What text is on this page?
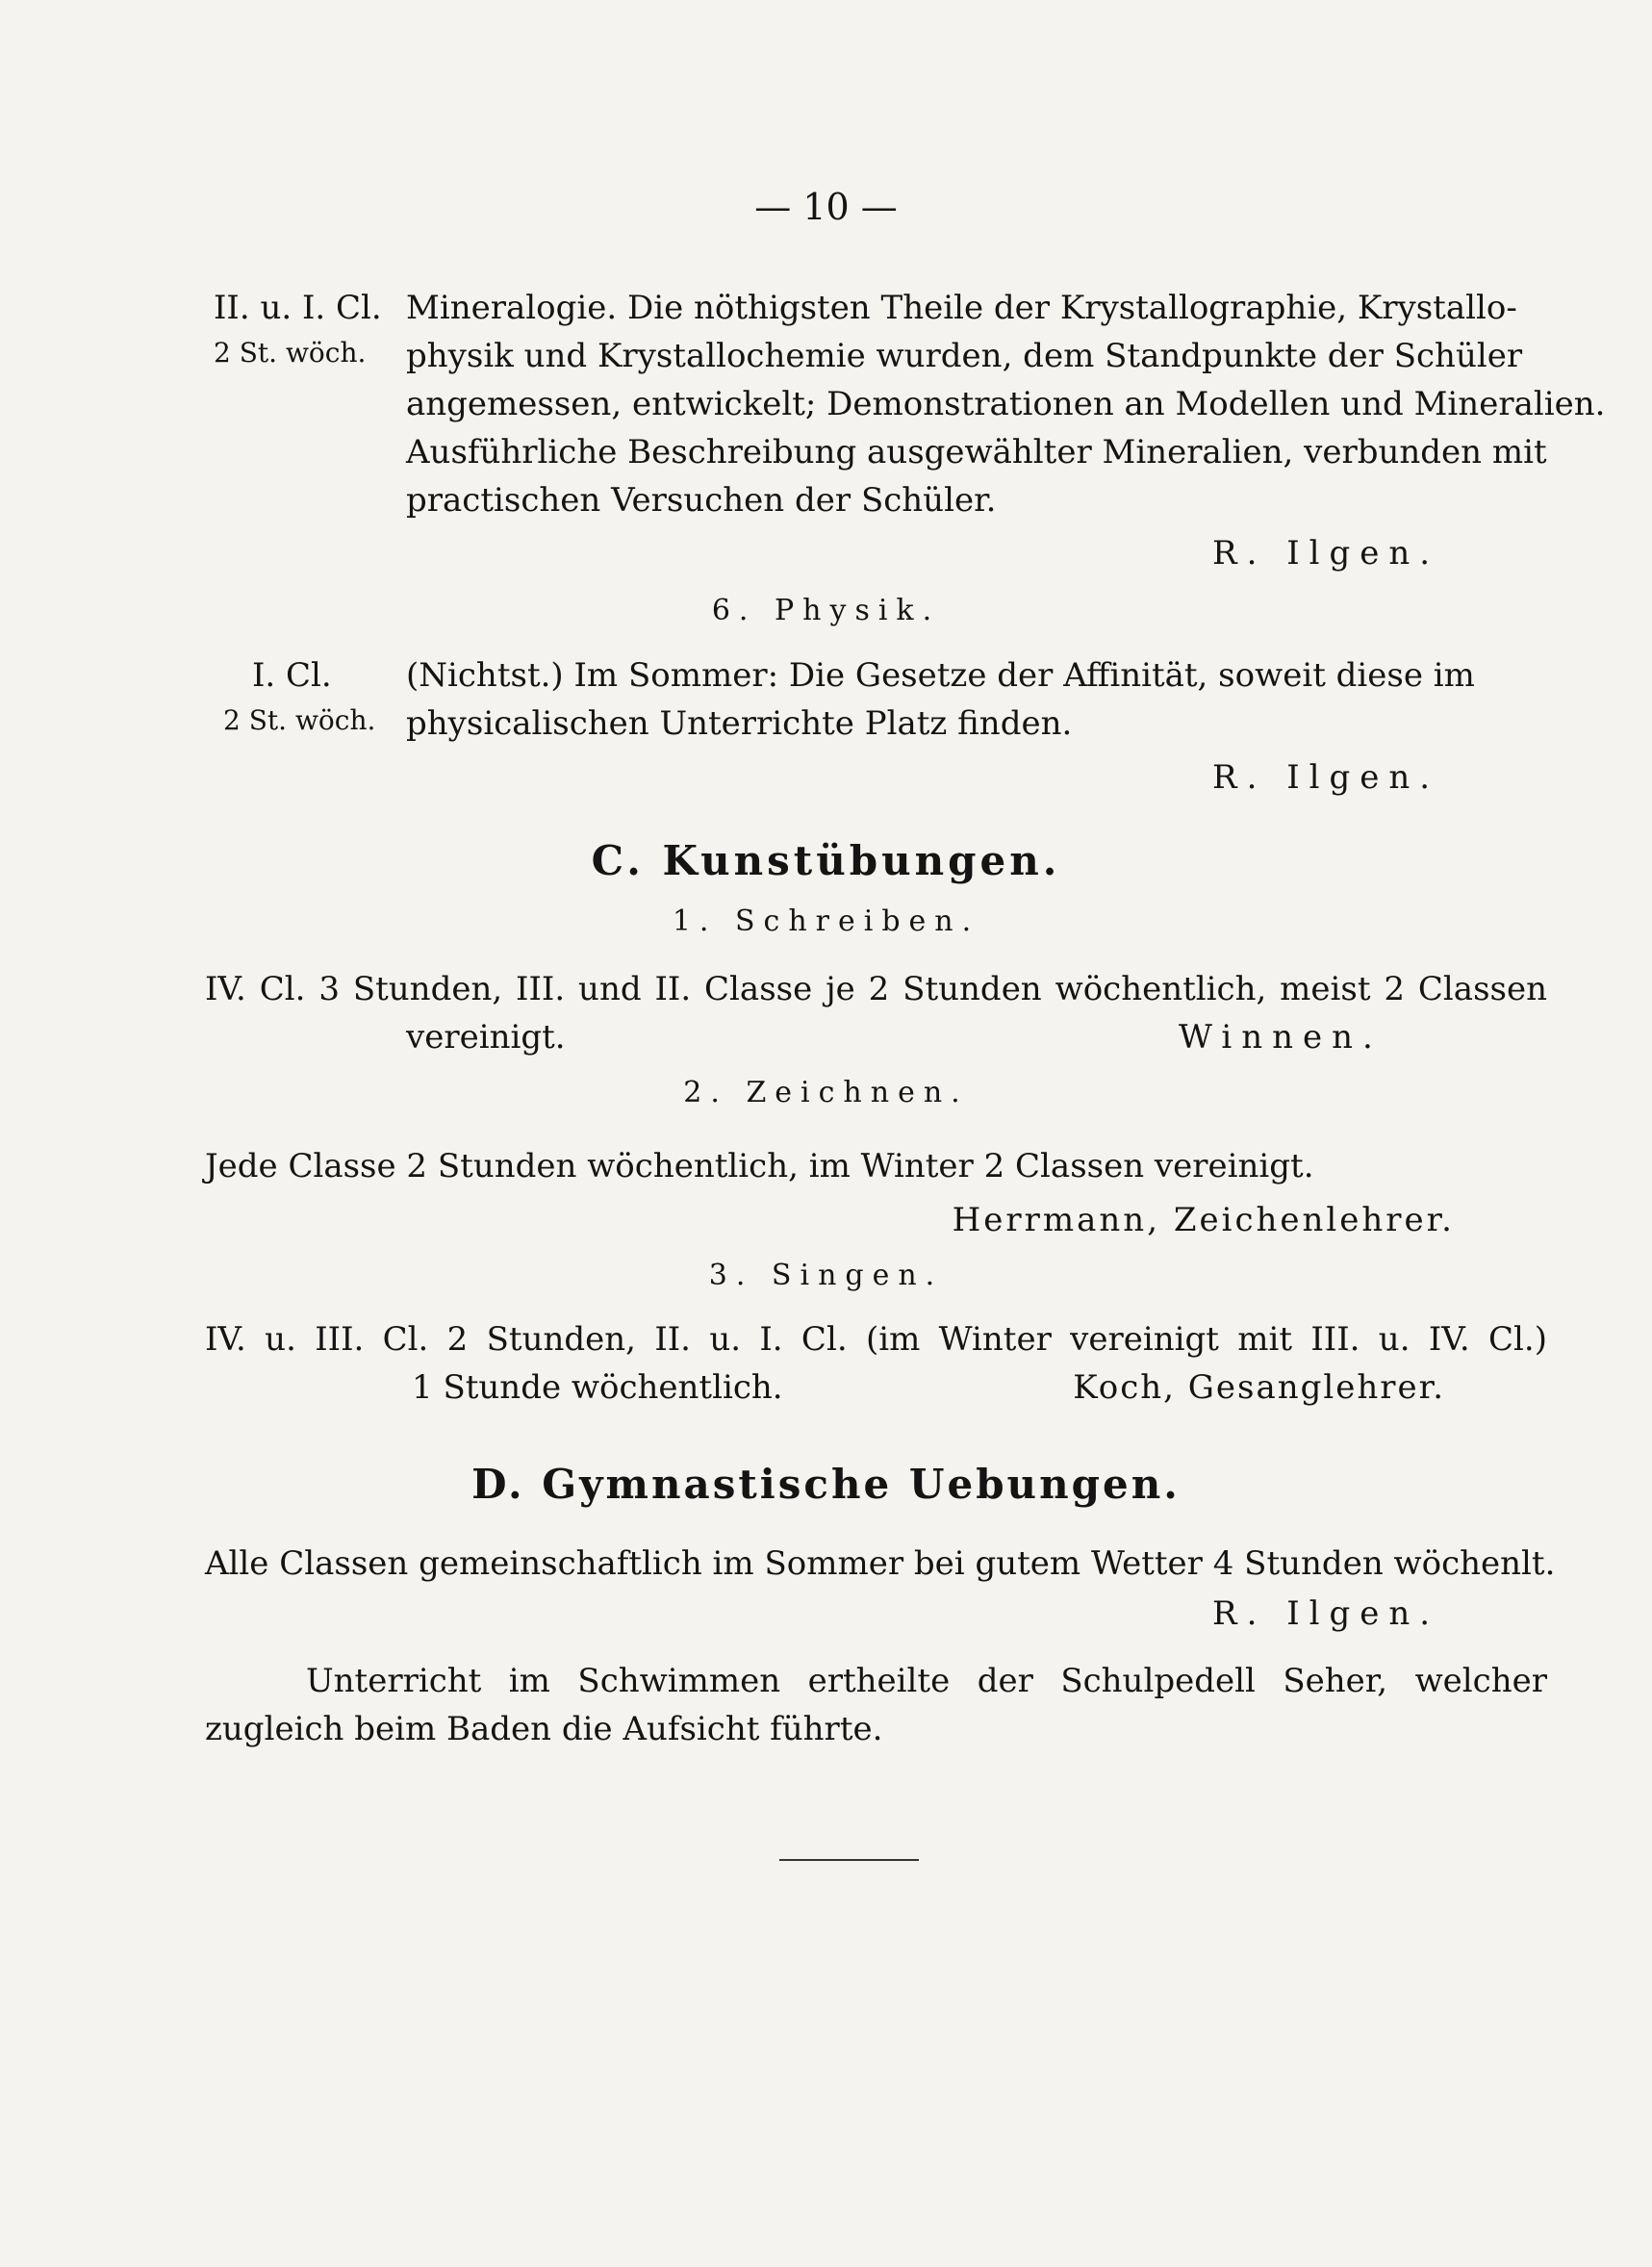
— 10 —
II. u. I. Cl.
2 St. wöch.
Mineralogie. Die nöthigsten Theile der Krystallographie, Krystallo-
physik und Krystallochemie wurden, dem Standpunkte der Schüler
angemessen, entwickelt; Demonstrationen an Modellen und Mineralien.
Ausführliche Beschreibung ausgewählter Mineralien, verbunden mit
practischen Versuchen der Schüler.
R. Ilgen.
6. Physik.
I. Cl.
2 St. wöch.
(Nichtst.) Im Sommer: Die Gesetze der Affinität, soweit diese im
physicalischen Unterrichte Platz finden.
R. Ilgen.
C. Kunstübungen.
1. Schreiben.
IV. Cl. 3 Stunden, III. und II. Classe je 2 Stunden wöchentlich, meist 2 Classen
vereinigt.	Winnen.
2. Zeichnen.
Jede Classe 2 Stunden wöchentlich, im Winter 2 Classen vereinigt.
Herrmann, Zeichenlehrer.
3. Singen.
IV. u. III. Cl. 2 Stunden, II. u. I. Cl. (im Winter vereinigt mit III. u. IV. Cl.)
1 Stunde wöchentlich.	Koch, Gesanglehrer.
D. Gymnastische Uebungen.
Alle Classen gemeinschaftlich im Sommer bei gutem Wetter 4 Stunden wöchenlt.
R. Ilgen.
Unterricht im Schwimmen ertheilte der Schulpedell Seher, welcher
zugleich beim Baden die Aufsicht führte.
